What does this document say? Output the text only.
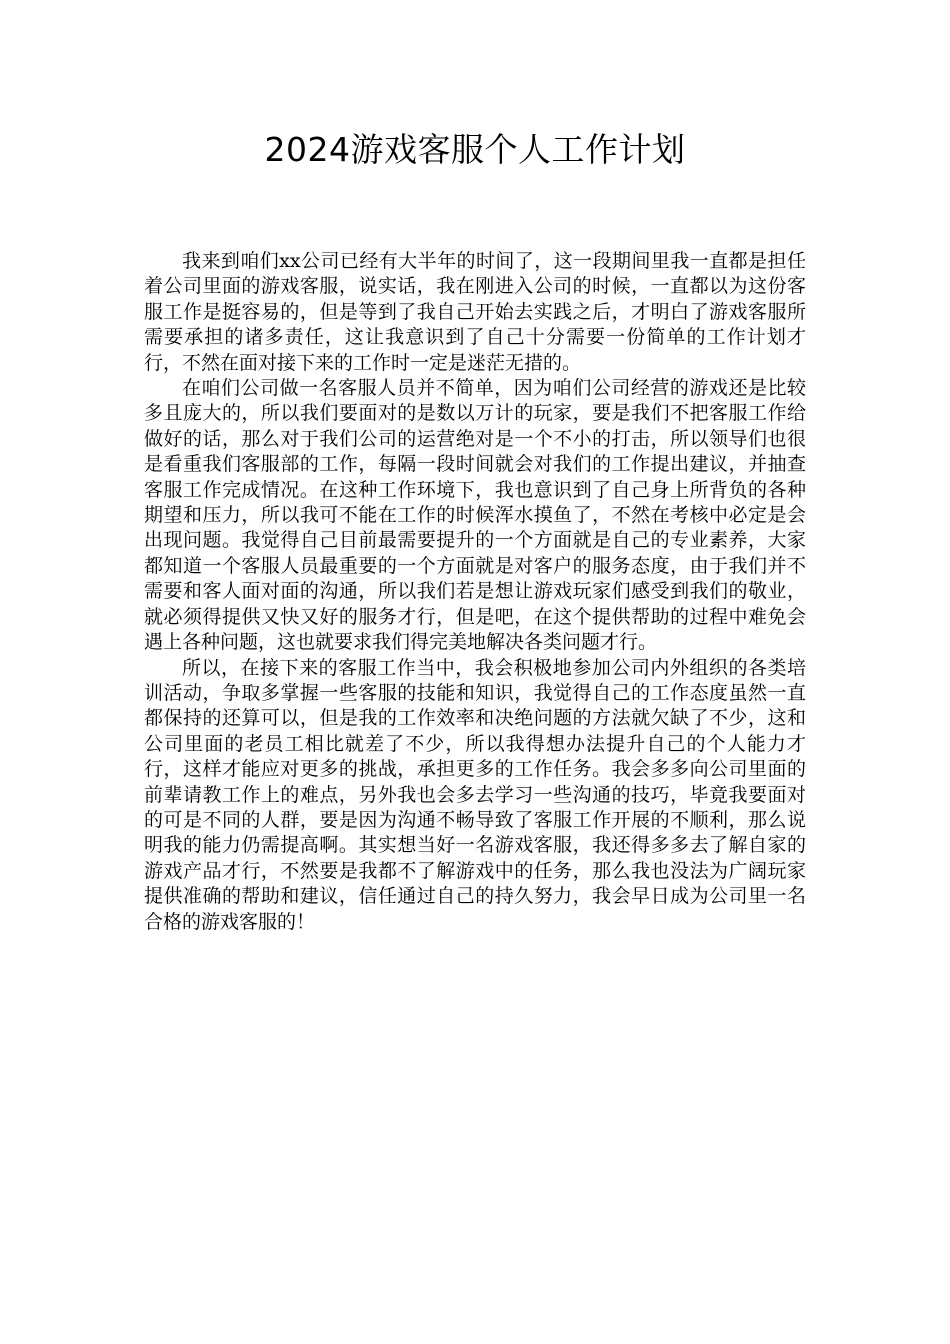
2024游戏客服个人工作计划

我来到咱们xx公司已经有大半年的时间了，这一段期间里我一直都是担任着公司里面的游戏客服，说实话，我在刚进入公司的时候，一直都以为这份客服工作是挺容易的，但是等到了我自己开始去实践之后，才明白了游戏客服所需要承担的诸多责任，这让我意识到了自己十分需要一份简单的工作计划才行，不然在面对接下来的工作时一定是迷茫无措的。

在咱们公司做一名客服人员并不简单，因为咱们公司经营的游戏还是比较多且庞大的，所以我们要面对的是数以万计的玩家，要是我们不把客服工作给做好的话，那么对于我们公司的运营绝对是一个不小的打击，所以领导们也很是看重我们客服部的工作，每隔一段时间就会对我们的工作提出建议，并抽查客服工作完成情况。在这种工作环境下，我也意识到了自己身上所背负的各种期望和压力，所以我可不能在工作的时候浑水摸鱼了，不然在考核中必定是会出现问题。我觉得自己目前最需要提升的一个方面就是自己的专业素养，大家都知道一个客服人员最重要的一个方面就是对客户的服务态度，由于我们并不需要和客人面对面的沟通，所以我们若是想让游戏玩家们感受到我们的敬业，就必须得提供又快又好的服务才行，但是吧，在这个提供帮助的过程中难免会遇上各种问题，这也就要求我们得完美地解决各类问题才行。

所以，在接下来的客服工作当中，我会积极地参加公司内外组织的各类培训活动，争取多掌握一些客服的技能和知识，我觉得自己的工作态度虽然一直都保持的还算可以，但是我的工作效率和决绝问题的方法就欠缺了不少，这和公司里面的老员工相比就差了不少，所以我得想办法提升自己的个人能力才行，这样才能应对更多的挑战，承担更多的工作任务。我会多多向公司里面的前辈请教工作上的难点，另外我也会多去学习一些沟通的技巧，毕竟我要面对的可是不同的人群，要是因为沟通不畅导致了客服工作开展的不顺利，那么说明我的能力仍需提高啊。其实想当好一名游戏客服，我还得多多去了解自家的游戏产品才行，不然要是我都不了解游戏中的任务，那么我也没法为广阔玩家提供准确的帮助和建议，信任通过自己的持久努力，我会早日成为公司里一名合格的游戏客服的！
